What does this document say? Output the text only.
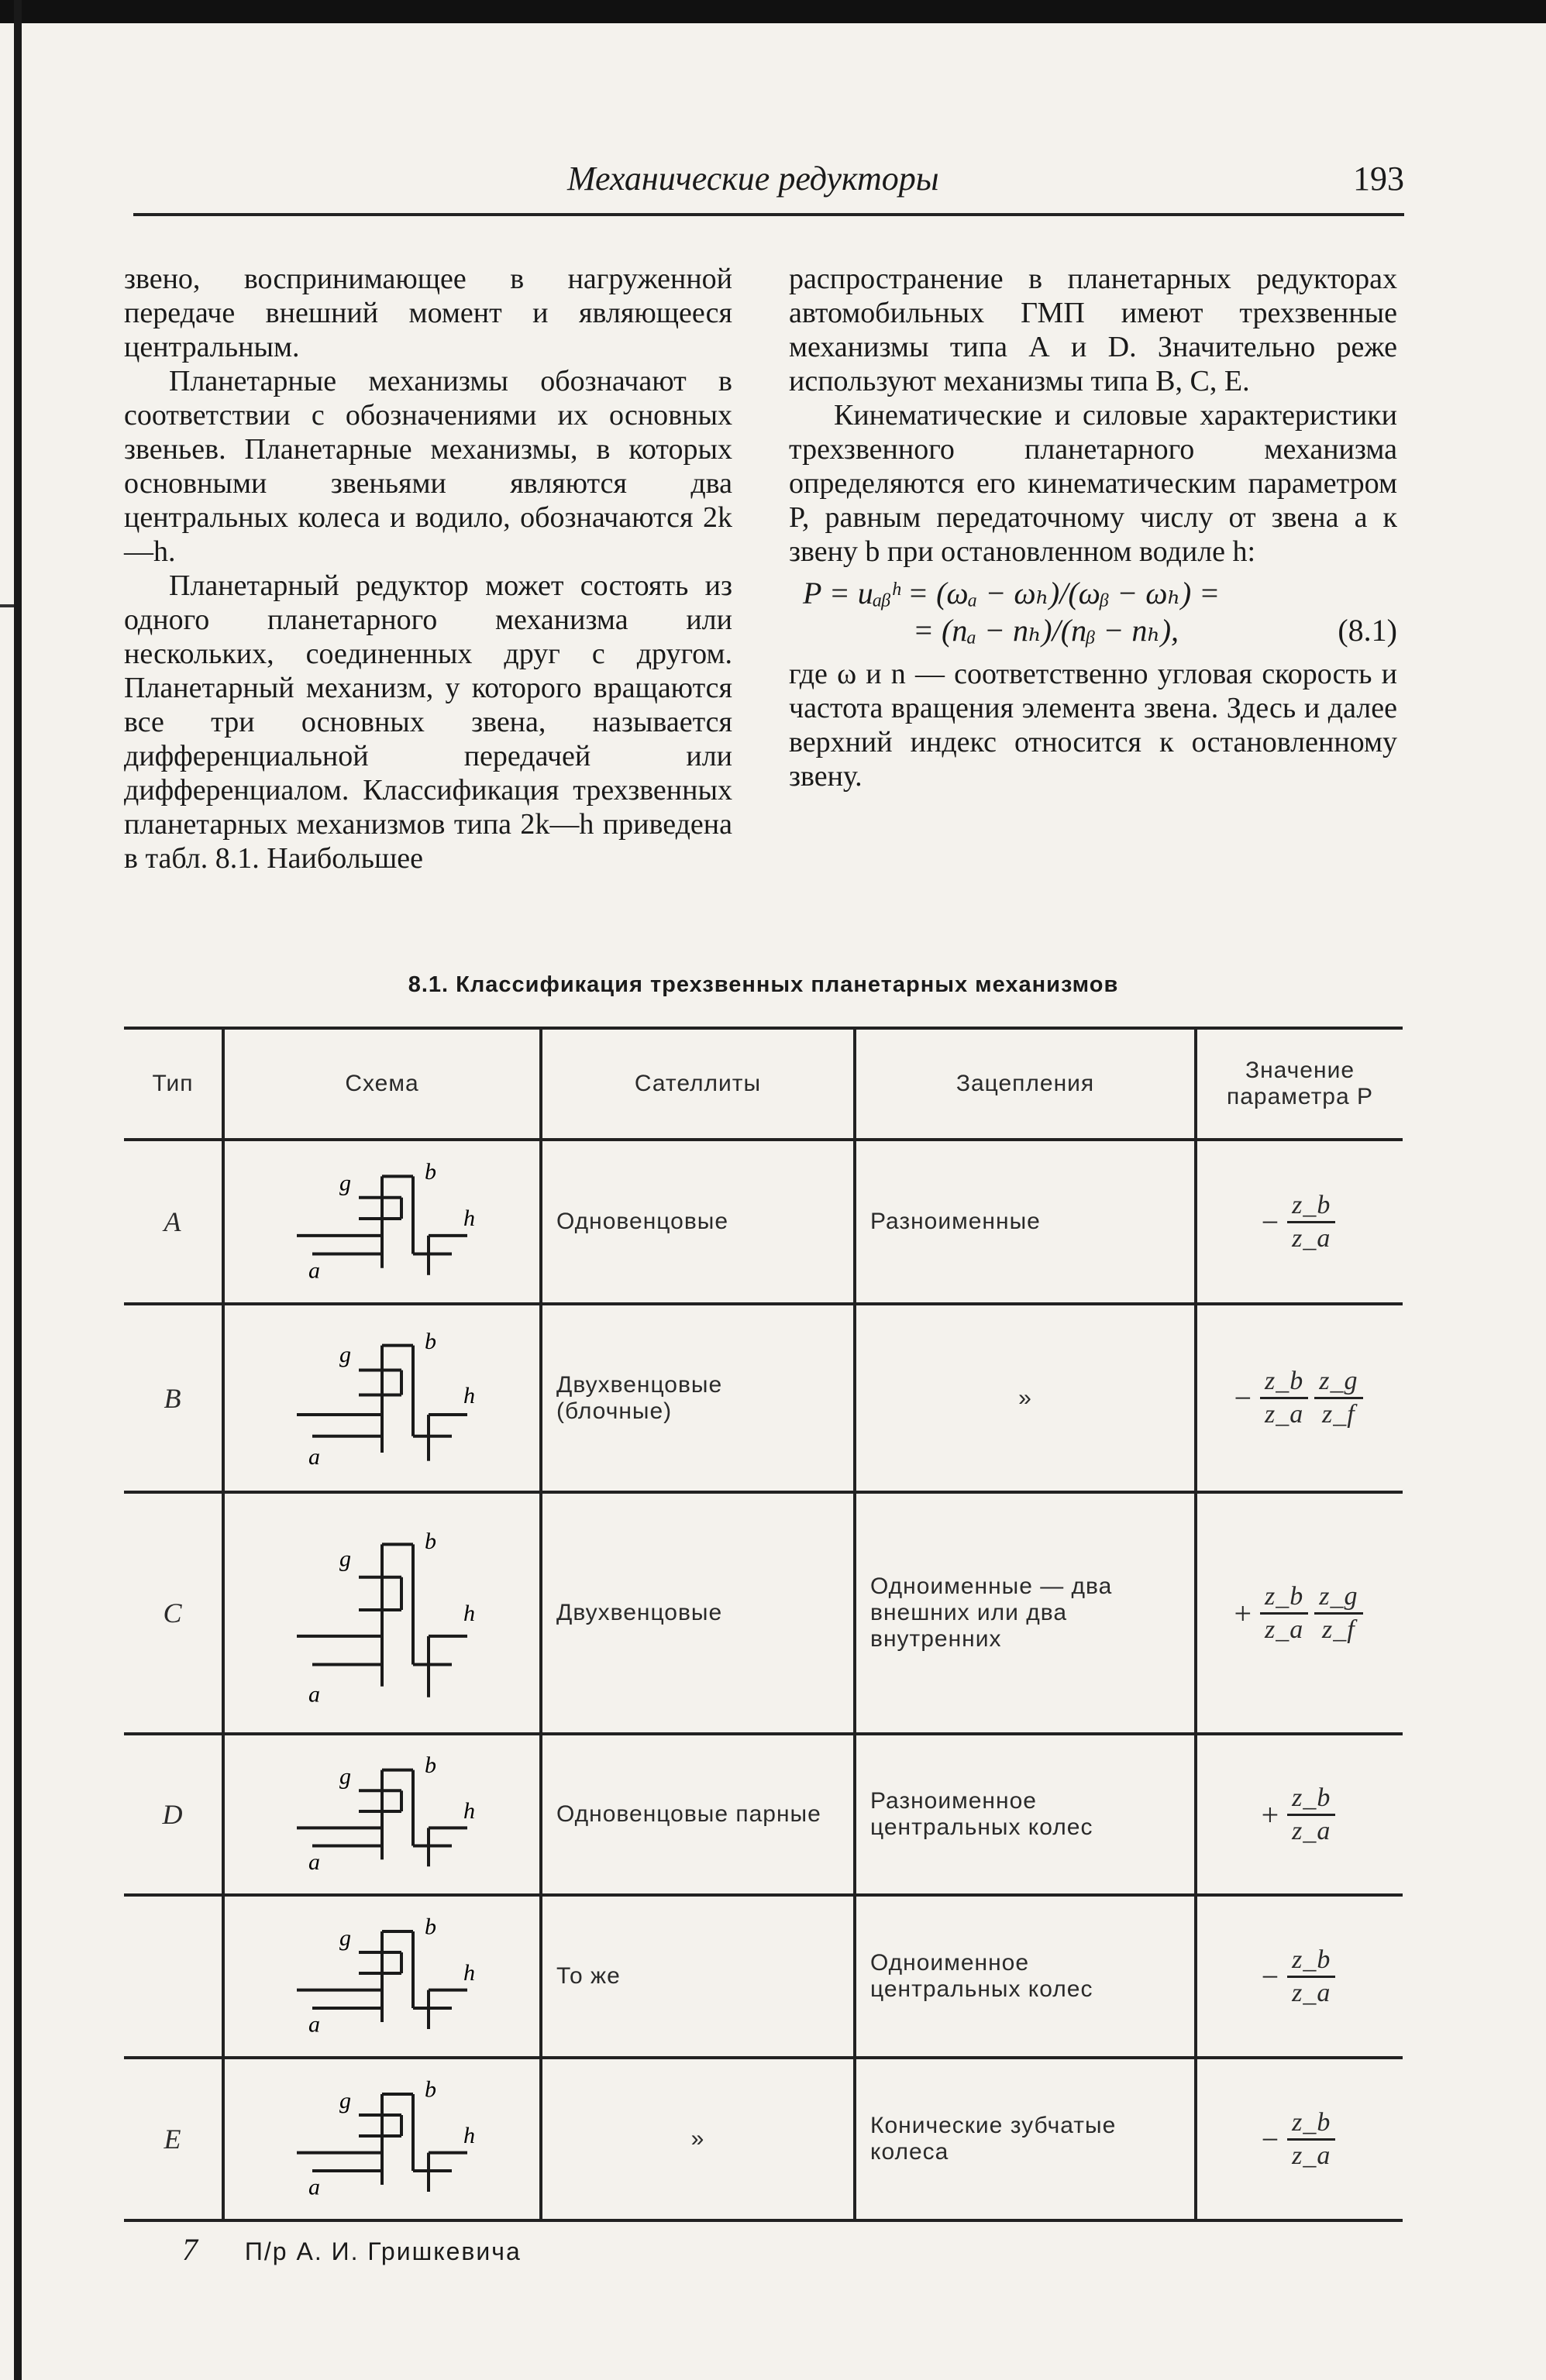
Механические редукторы	193

звено, воспринимающее в нагруженной передаче внешний момент и являющееся центральным.

Планетарные механизмы обозначают в соответствии с обозначениями их основных звеньев. Планетарные механизмы, в которых основными звеньями являются два центральных колеса и водило, обозначаются 2k—h.

Планетарный редуктор может состоять из одного планетарного механизма или нескольких, соединенных друг с другом. Планетарный механизм, у которого вращаются все три основных звена, называется дифференциальной передачей или дифференциалом. Классификация трехзвенных планетарных механизмов типа 2k—h приведена в табл. 8.1. Наибольшее

распространение в планетарных редукторах автомобильных ГМП имеют трехзвенные механизмы типа А и D. Значительно реже используют механизмы типа В, С, Е.

Кинематические и силовые характеристики трехзвенного планетарного механизма определяются его кинематическим параметром P, равным передаточному числу от звена a к звену b при остановленном водиле h:

P = uₐᵦʰ = (ωₐ − ωₕ)/(ωᵦ − ωₕ) =
= (nₐ − nₕ)/(nᵦ − nₕ),	(8.1)

где ω и n — соответственно угловая скорость и частота вращения элемента звена. Здесь и далее верхний индекс относится к остановленному звену.

8.1. Классификация трехзвенных планетарных механизмов
Тип	Схема	Сателлиты	Зацепления	Значение параметра P
А	g b
h
a	Одновенцовые	Разноименные	− $\frac{z\_b}{z\_a}$

В	g
b
h
a	Двухвенцовые (блочные)	»	− $\frac{z\_b}{z\_a} \frac{z\_g}{z\_f}$

С	g
b
h
a	Двухвенцовые	Одноименные — два внешних или два внутренних	+ $\frac{z\_b}{z\_a} \frac{z\_g}{z\_f}$

D	g b
h
a	Одновенцовые парные	Разноименное центральных колес	+ $\frac{z\_b}{z\_a}$

g b
h
a	То же	Одноименное центральных колес	− $\frac{z\_b}{z\_a}$

Е	g b
h
a	»	Конические зубчатые колеса	− $\frac{z\_b}{z\_a}$
7 П/р А. И. Гришкевича
